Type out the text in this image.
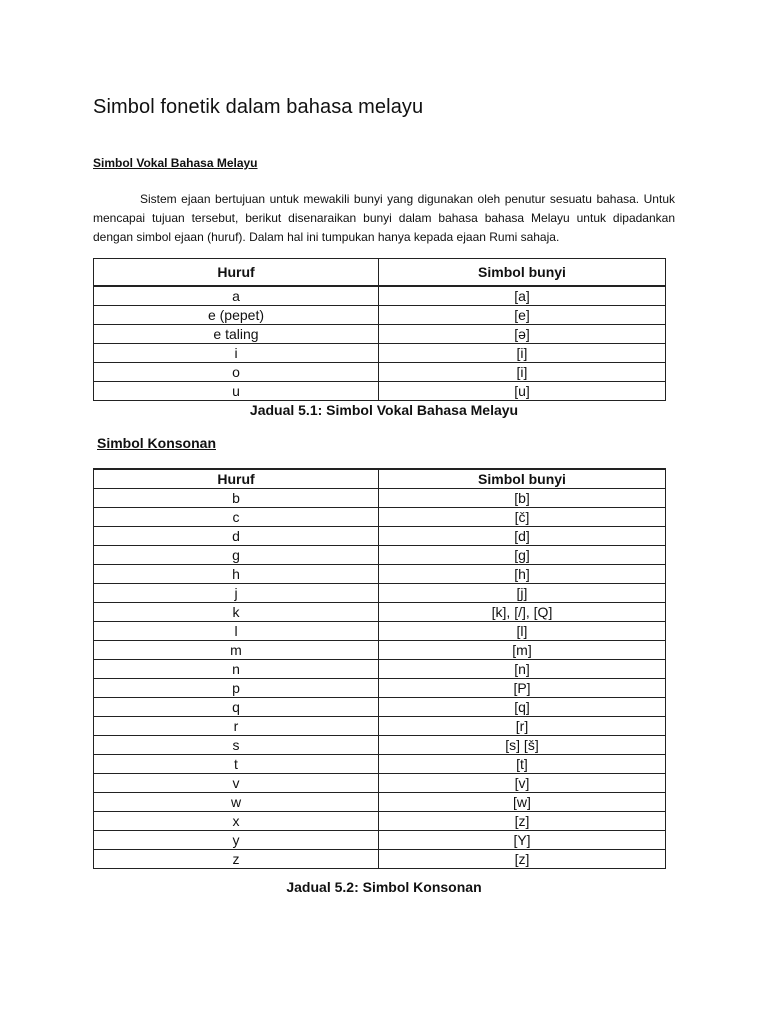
Simbol fonetik dalam bahasa melayu
Simbol Vokal Bahasa Melayu

Sistem ejaan bertujuan untuk mewakili bunyi yang digunakan oleh penutur sesuatu bahasa. Untuk mencapai tujuan tersebut, berikut disenaraikan bunyi dalam bahasa bahasa Melayu untuk dipadankan dengan simbol ejaan (huruf). Dalam hal ini tumpukan hanya kepada ejaan Rumi sahaja.

Huruf	Simbol bunyi
a	[a]
e (pepet)	[e]
e taling	[ə]
i	[i]
o	[i]
u	[u]

Jadual 5.1: Simbol Vokal Bahasa Melayu

Simbol Konsonan
Huruf	Simbol bunyi
b	[b]
c	[č]
d	[d]
g	[g]
h	[h]
j	[j]
k	[k], [/], [Q]
l	[l]
m	[m]
n	[n]
p	[P]
q	[q]
r	[r]
s	[s] [š]
t	[t]
v	[v]
w	[w]
x	[z]
y	[Y]
z	[z]

Jadual 5.2: Simbol Konsonan
